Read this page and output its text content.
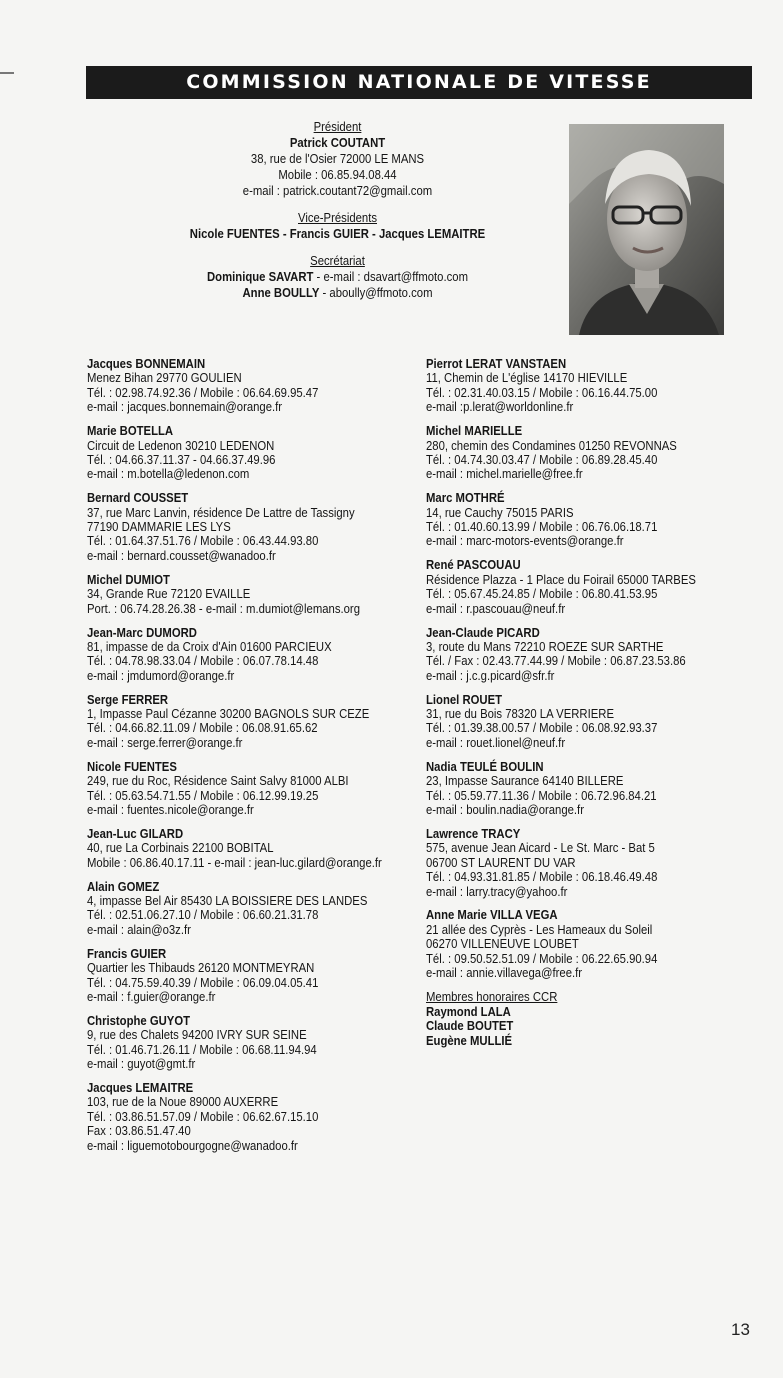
COMMISSION NATIONALE DE VITESSE
Président
Patrick COUTANT
38, rue de l'Osier 72000 LE MANS
Mobile : 06.85.94.08.44
e-mail : patrick.coutant72@gmail.com
Vice-Présidents
Nicole FUENTES - Francis GUIER - Jacques LEMAITRE
Secrétariat
Dominique SAVART - e-mail : dsavart@ffmoto.com
Anne BOULLY - aboully@ffmoto.com
Jacques BONNEMAIN
Menez Bihan 29770 GOULIEN
Tél. : 02.98.74.92.36 / Mobile : 06.64.69.95.47
e-mail : jacques.bonnemain@orange.fr
Marie BOTELLA
Circuit de Ledenon 30210 LEDENON
Tél. : 04.66.37.11.37 - 04.66.37.49.96
e-mail : m.botella@ledenon.com
Bernard COUSSET
37, rue Marc Lanvin, résidence De Lattre de Tassigny
77190 DAMMARIE LES LYS
Tél. : 01.64.37.51.76 / Mobile : 06.43.44.93.80
e-mail : bernard.cousset@wanadoo.fr
Michel DUMIOT
34, Grande Rue 72120 EVAILLE
Port. : 06.74.28.26.38 - e-mail : m.dumiot@lemans.org
Jean-Marc DUMORD
81, impasse de da Croix d'Ain 01600 PARCIEUX
Tél. : 04.78.98.33.04 / Mobile : 06.07.78.14.48
e-mail : jmdumord@orange.fr
Serge FERRER
1, Impasse Paul Cézanne 30200 BAGNOLS SUR CEZE
Tél. : 04.66.82.11.09 / Mobile : 06.08.91.65.62
e-mail : serge.ferrer@orange.fr
Nicole FUENTES
249, rue du Roc, Résidence Saint Salvy 81000 ALBI
Tél. : 05.63.54.71.55 / Mobile : 06.12.99.19.25
e-mail : fuentes.nicole@orange.fr
Jean-Luc GILARD
40, rue La Corbinais 22100 BOBITAL
Mobile : 06.86.40.17.11 - e-mail : jean-luc.gilard@orange.fr
Alain GOMEZ
4, impasse Bel Air 85430 LA BOISSIERE DES LANDES
Tél. : 02.51.06.27.10 / Mobile : 06.60.21.31.78
e-mail : alain@o3z.fr
Francis GUIER
Quartier les Thibauds 26120 MONTMEYRAN
Tél. : 04.75.59.40.39 / Mobile : 06.09.04.05.41
e-mail : f.guier@orange.fr
Christophe GUYOT
9, rue des Chalets 94200 IVRY SUR SEINE
Tél. : 01.46.71.26.11 / Mobile : 06.68.11.94.94
e-mail : guyot@gmt.fr
Jacques LEMAITRE
103, rue de la Noue 89000 AUXERRE
Tél. : 03.86.51.57.09 / Mobile : 06.62.67.15.10
Fax : 03.86.51.47.40
e-mail : liguemotobourgogne@wanadoo.fr
Pierrot LERAT VANSTAEN
11, Chemin de L'église 14170 HIEVILLE
Tél. : 02.31.40.03.15 / Mobile : 06.16.44.75.00
e-mail :p.lerat@worldonline.fr
Michel MARIELLE
280, chemin des Condamines 01250 REVONNAS
Tél. : 04.74.30.03.47 / Mobile : 06.89.28.45.40
e-mail : michel.marielle@free.fr
Marc MOTHRÉ
14, rue Cauchy 75015 PARIS
Tél. : 01.40.60.13.99 / Mobile : 06.76.06.18.71
e-mail : marc-motors-events@orange.fr
René PASCOUAU
Résidence Plazza - 1 Place du Foirail 65000 TARBES
Tél. : 05.67.45.24.85 / Mobile : 06.80.41.53.95
e-mail : r.pascouau@neuf.fr
Jean-Claude PICARD
3, route du Mans 72210 ROEZE SUR SARTHE
Tél. / Fax : 02.43.77.44.99 / Mobile : 06.87.23.53.86
e-mail : j.c.g.picard@sfr.fr
Lionel ROUET
31, rue du Bois 78320 LA VERRIERE
Tél. : 01.39.38.00.57 / Mobile : 06.08.92.93.37
e-mail : rouet.lionel@neuf.fr
Nadia TEULÉ BOULIN
23, Impasse Saurance 64140 BILLERE
Tél. : 05.59.77.11.36 / Mobile : 06.72.96.84.21
e-mail : boulin.nadia@orange.fr
Lawrence TRACY
575, avenue Jean Aicard - Le St. Marc - Bat 5
06700 ST LAURENT DU VAR
Tél. : 04.93.31.81.85 / Mobile : 06.18.46.49.48
e-mail : larry.tracy@yahoo.fr
Anne Marie VILLA VEGA
21 allée des Cyprès - Les Hameaux du Soleil
06270 VILLENEUVE LOUBET
Tél. : 09.50.52.51.09 / Mobile : 06.22.65.90.94
e-mail : annie.villavega@free.fr
Membres honoraires CCR
Raymond LALA
Claude BOUTET
Eugène MULLIÉ
13
